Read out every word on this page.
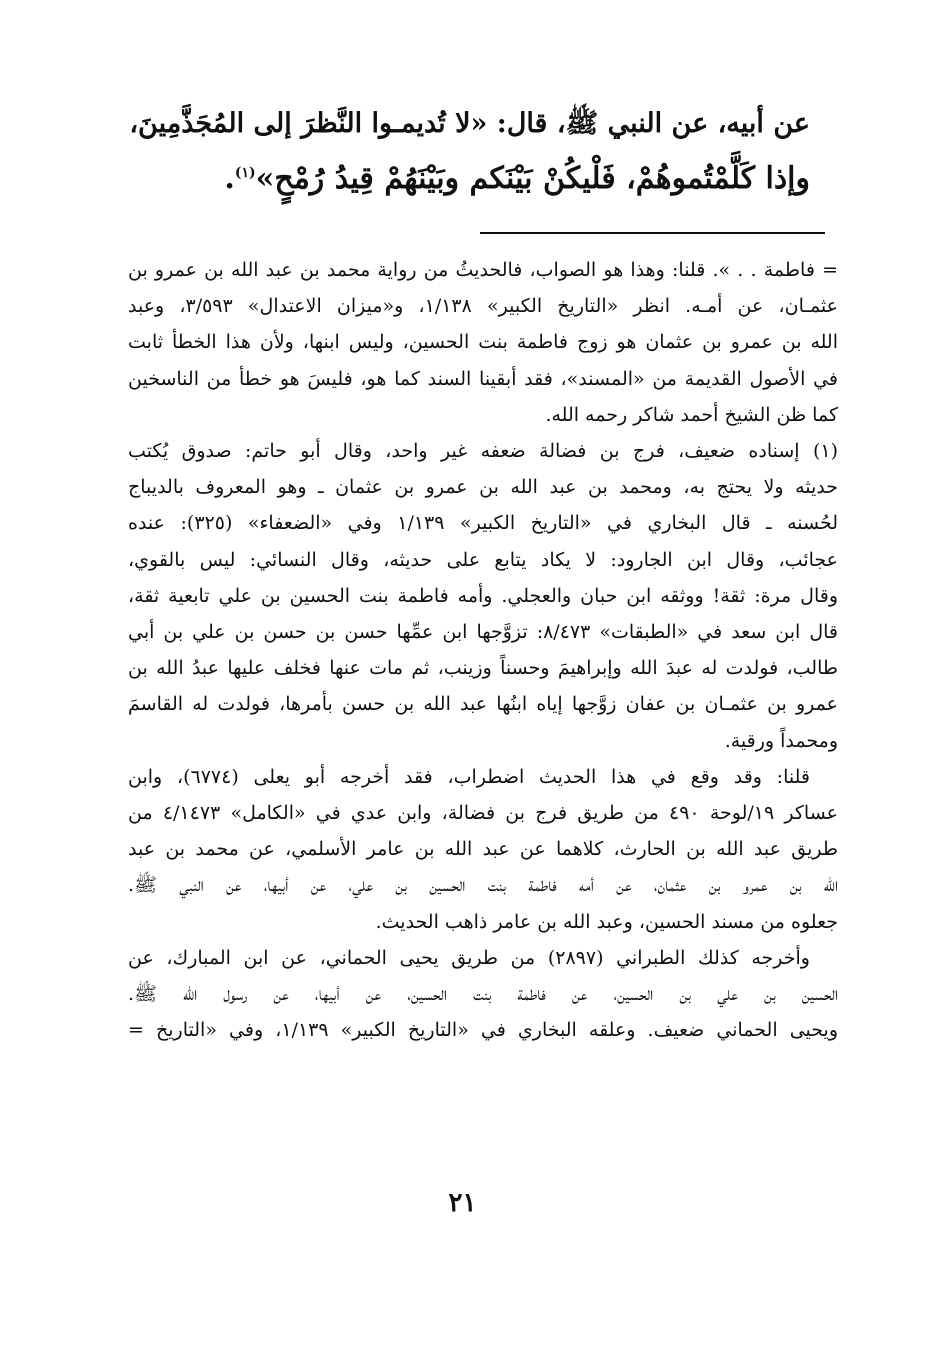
عن أبيه، عن النبي ﷺ، قال: «لا تُديمـوا النَّظرَ إلى المُجَذَّمِينَ،
وإذا كَلَّمْتُموهُمْ، فَلْيكُنْ بَيْنَكم وبَيْنَهُمْ قِيدُ رُمْحٍ»$^{(١)}$.
= فاطمة . . ». قلنا: وهذا هو الصواب، فالحديثُ من رواية محمد بن عبد الله بن عمرو بن
عثمـان، عن أمـه. انظر «التاريخ الكبير» ١/١٣٨، و«ميزان الاعتدال» ٣/٥٩٣، وعبد
الله بن عمرو بن عثمان هو زوج فاطمة بنت الحسين، وليس ابنها، ولأن هذا الخطأ ثابت
في الأصول القديمة من «المسند»، فقد أبقينا السند كما هو، فليسَ هو خطأ من الناسخين
كما ظن الشيخ أحمد شاكر رحمه الله.
(١) إسناده ضعيف، فرج بن فضالة ضعفه غير واحد، وقال أبو حاتم: صدوق يُكتب
حديثه ولا يحتج به، ومحمد بن عبد الله بن عمرو بن عثمان ـ وهو المعروف بالديباج
لحُسنه ـ قال البخاري في «التاريخ الكبير» ١/١٣٩ وفي «الضعفاء» (٣٢٥): عنده
عجائب، وقال ابن الجارود: لا يكاد يتابع على حديثه، وقال النسائي: ليس بالقوي،
وقال مرة: ثقة! ووثقه ابن حبان والعجلي. وأمه فاطمة بنت الحسين بن علي تابعية ثقة،
قال ابن سعد في «الطبقات» ٨/٤٧٣: تزوَّجها ابن عمِّها حسن بن حسن بن علي بن أبي
طالب، فولدت له عبدَ الله وإبراهيمَ وحسناً وزينب، ثم مات عنها فخلف عليها عبدُ الله بن
عمرو بن عثمـان بن عفان زوَّجها إياه ابنُها عبد الله بن حسن بأمرها، فولدت له القاسمَ
ومحمداً ورقية.
قلنا: وقد وقع في هذا الحديث اضطراب، فقد أخرجه أبو يعلى (٦٧٧٤)، وابن
عساكر ١٩/لوحة ٤٩٠ من طريق فرج بن فضالة، وابن عدي في «الكامل» ٤/١٤٧٣ من
طريق عبد الله بن الحارث، كلاهما عن عبد الله بن عامر الأسلمي، عن محمد بن عبد
الله بن عمرو بن عثمان، عن أمه فاطمة بنت الحسين بن علي، عن أبيها، عن النبي ﷺ.
جعلوه من مسند الحسين، وعبد الله بن عامر ذاهب الحديث.
وأخرجه كذلك الطبراني (٢٨٩٧) من طريق يحيى الحماني، عن ابن المبارك، عن
الحسين بن علي بن الحسين، عن فاطمة بنت الحسين، عن أبيها، عن رسول الله ﷺ.
ويحيى الحماني ضعيف. وعلقه البخاري في «التاريخ الكبير» ١/١٣٩، وفي «التاريخ =
٢١
